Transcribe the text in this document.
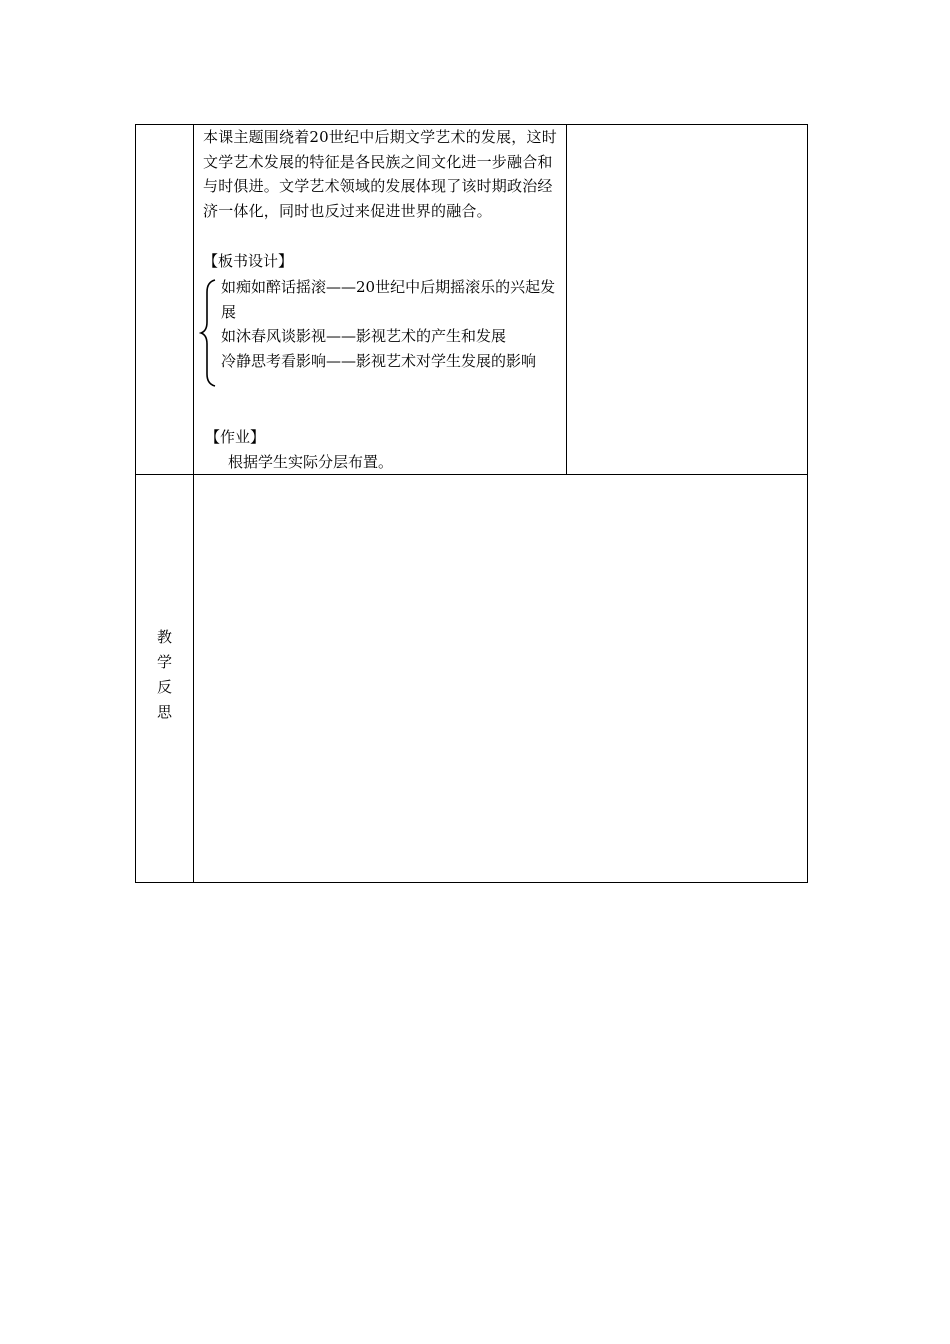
本课主题围绕着20世纪中后期文学艺术的发展，这时文学艺术发展的特征是各民族之间文化进一步融合和与时俱进。文学艺术领域的发展体现了该时期政治经济一体化，同时也反过来促进世界的融合。

【板书设计】
如痴如醉话摇滚——20世纪中后期摇滚乐的兴起发展
如沐春风谈影视——影视艺术的产生和发展
冷静思考看影响——影视艺术对学生发展的影响
【作业】
根据学生实际分层布置。
教学反思
